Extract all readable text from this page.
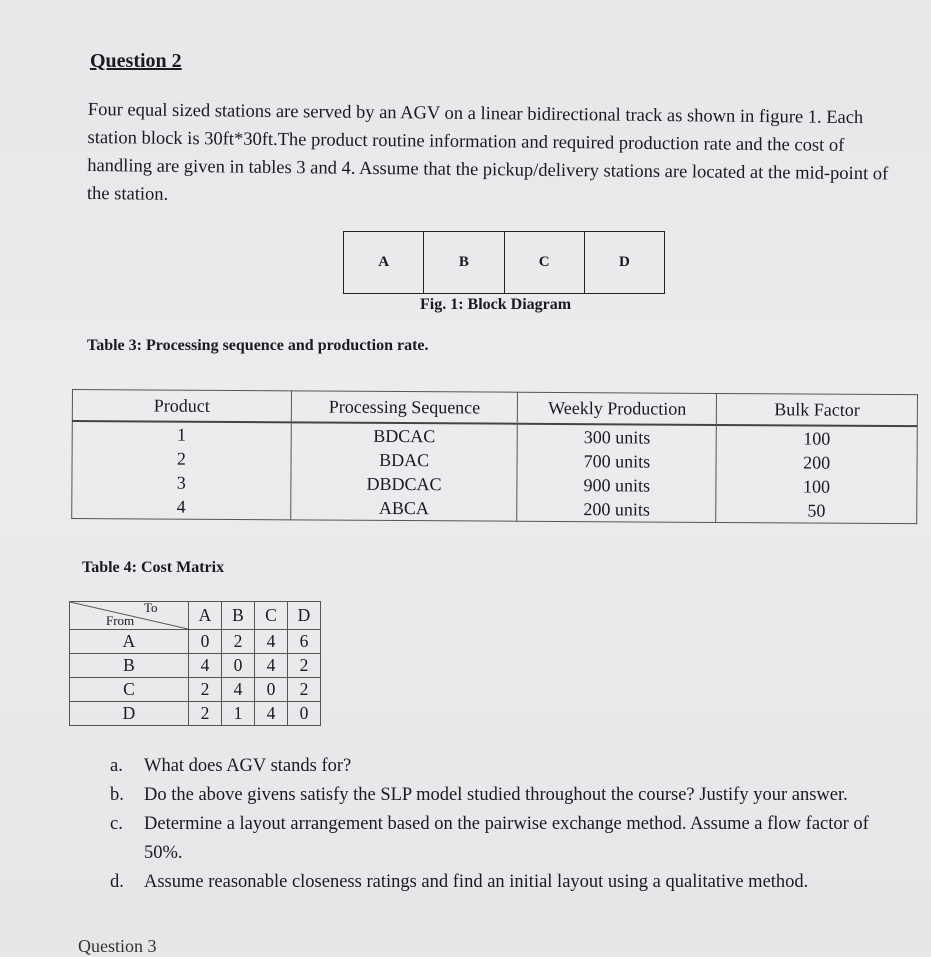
Question 2
Four equal sized stations are served by an AGV on a linear bidirectional track as shown in figure 1. Each station block is 30ft*30ft.The product routine information and required production rate and the cost of handling are given in tables 3 and 4. Assume that the pickup/delivery stations are located at the mid-point of the station.
A	B	C	D
Fig. 1: Block Diagram
Table 3: Processing sequence and production rate.
Product	Processing Sequence	Weekly Production	Bulk Factor
1	BDCAC	300 units	100
2	BDAC	700 units	200
3	DBDCAC	900 units	100
4	ABCA	200 units	50
Table 4: Cost Matrix
To
From	A	B	C	D
A	0	2	4	6
B	4	0	4	2
C	2	4	0	2
D	2	1	4	0
a.	What does AGV stands for?
b.	Do the above givens satisfy the SLP model studied throughout the course? Justify your answer.
c.	Determine a layout arrangement based on the pairwise exchange method. Assume a flow factor of 50%.
d.	Assume reasonable closeness ratings and find an initial layout using a qualitative method.
Question 3
